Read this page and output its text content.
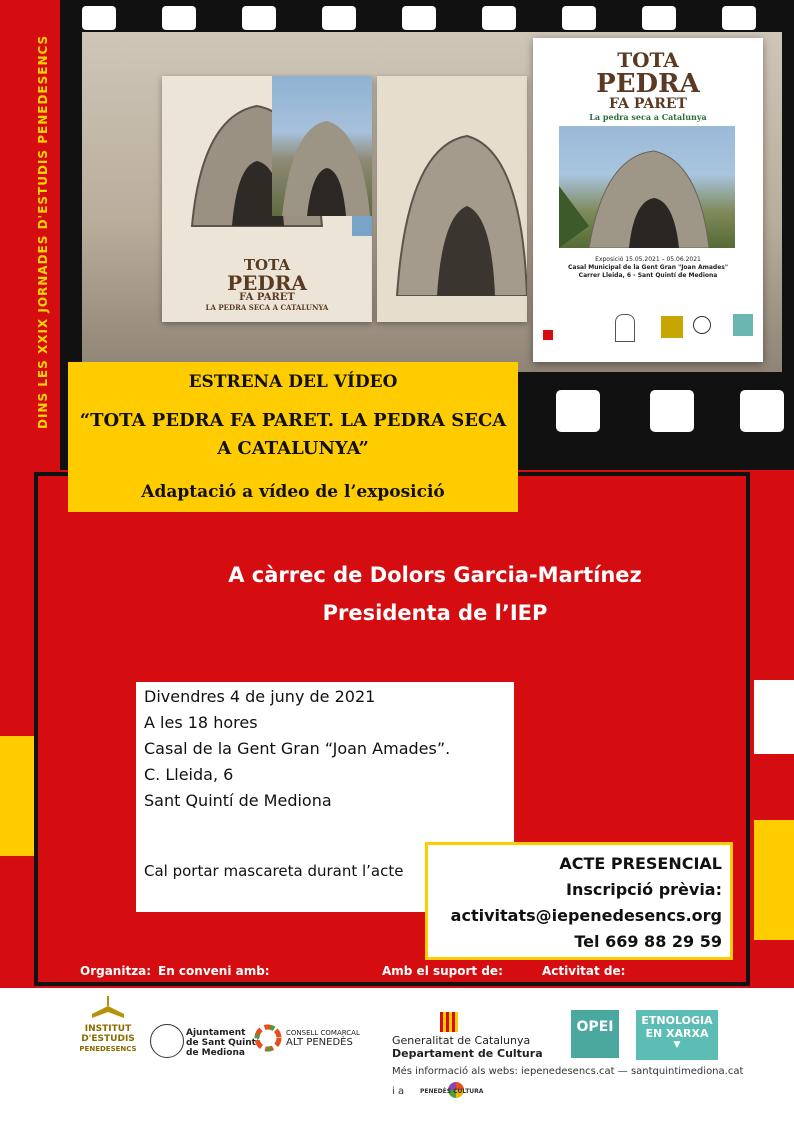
TOTA
PEDRA
FA PARET
LA PEDRA SECA A CATALUNYA
TOTA
PEDRA
FA PARET
La pedra seca a Catalunya
Exposició 15.05.2021 – 05.06.2021
Casal Municipal de la Gent Gran "Joan Amades"
Carrer Lleida, 6 - Sant Quintí de Mediona
DINS LES XXIX JORNADES D'ESTUDIS PENEDESENCS	ESTRENA DEL VÍDEO
“TOTA PEDRA FA PARET. LA PEDRA SECA A CATALUNYA”
Adaptació a vídeo de l’exposició
A càrrec de Dolors Garcia-Martínez
Presidenta de l’IEP
Divendres 4 de juny de 2021
A les 18 hores
Casal de la Gent Gran “Joan Amades”.
C. Lleida, 6
Sant Quintí de Mediona
Cal portar mascareta durant l’acte	ACTE PRESENCIAL
Inscripció prèvia:
activitats@iepenedesencs.org
Tel 669 88 29 59
Organitza: En conveni amb:	Amb el suport de:	Activitat de:
INSTITUT
D'ESTUDIS
PENEDESENCS
Ajuntament
de Sant Quintí
de Mediona
CONSELL COMARCAL
ALT PENEDÈS	Generalitat de Catalunya
Departament de Cultura
OPEI	ETNOLOGIA
EN XARXA
▼
Més informació als webs: iepenedesencs.cat — santquintimediona.cat
i a	PENEDÈS CULTURA
